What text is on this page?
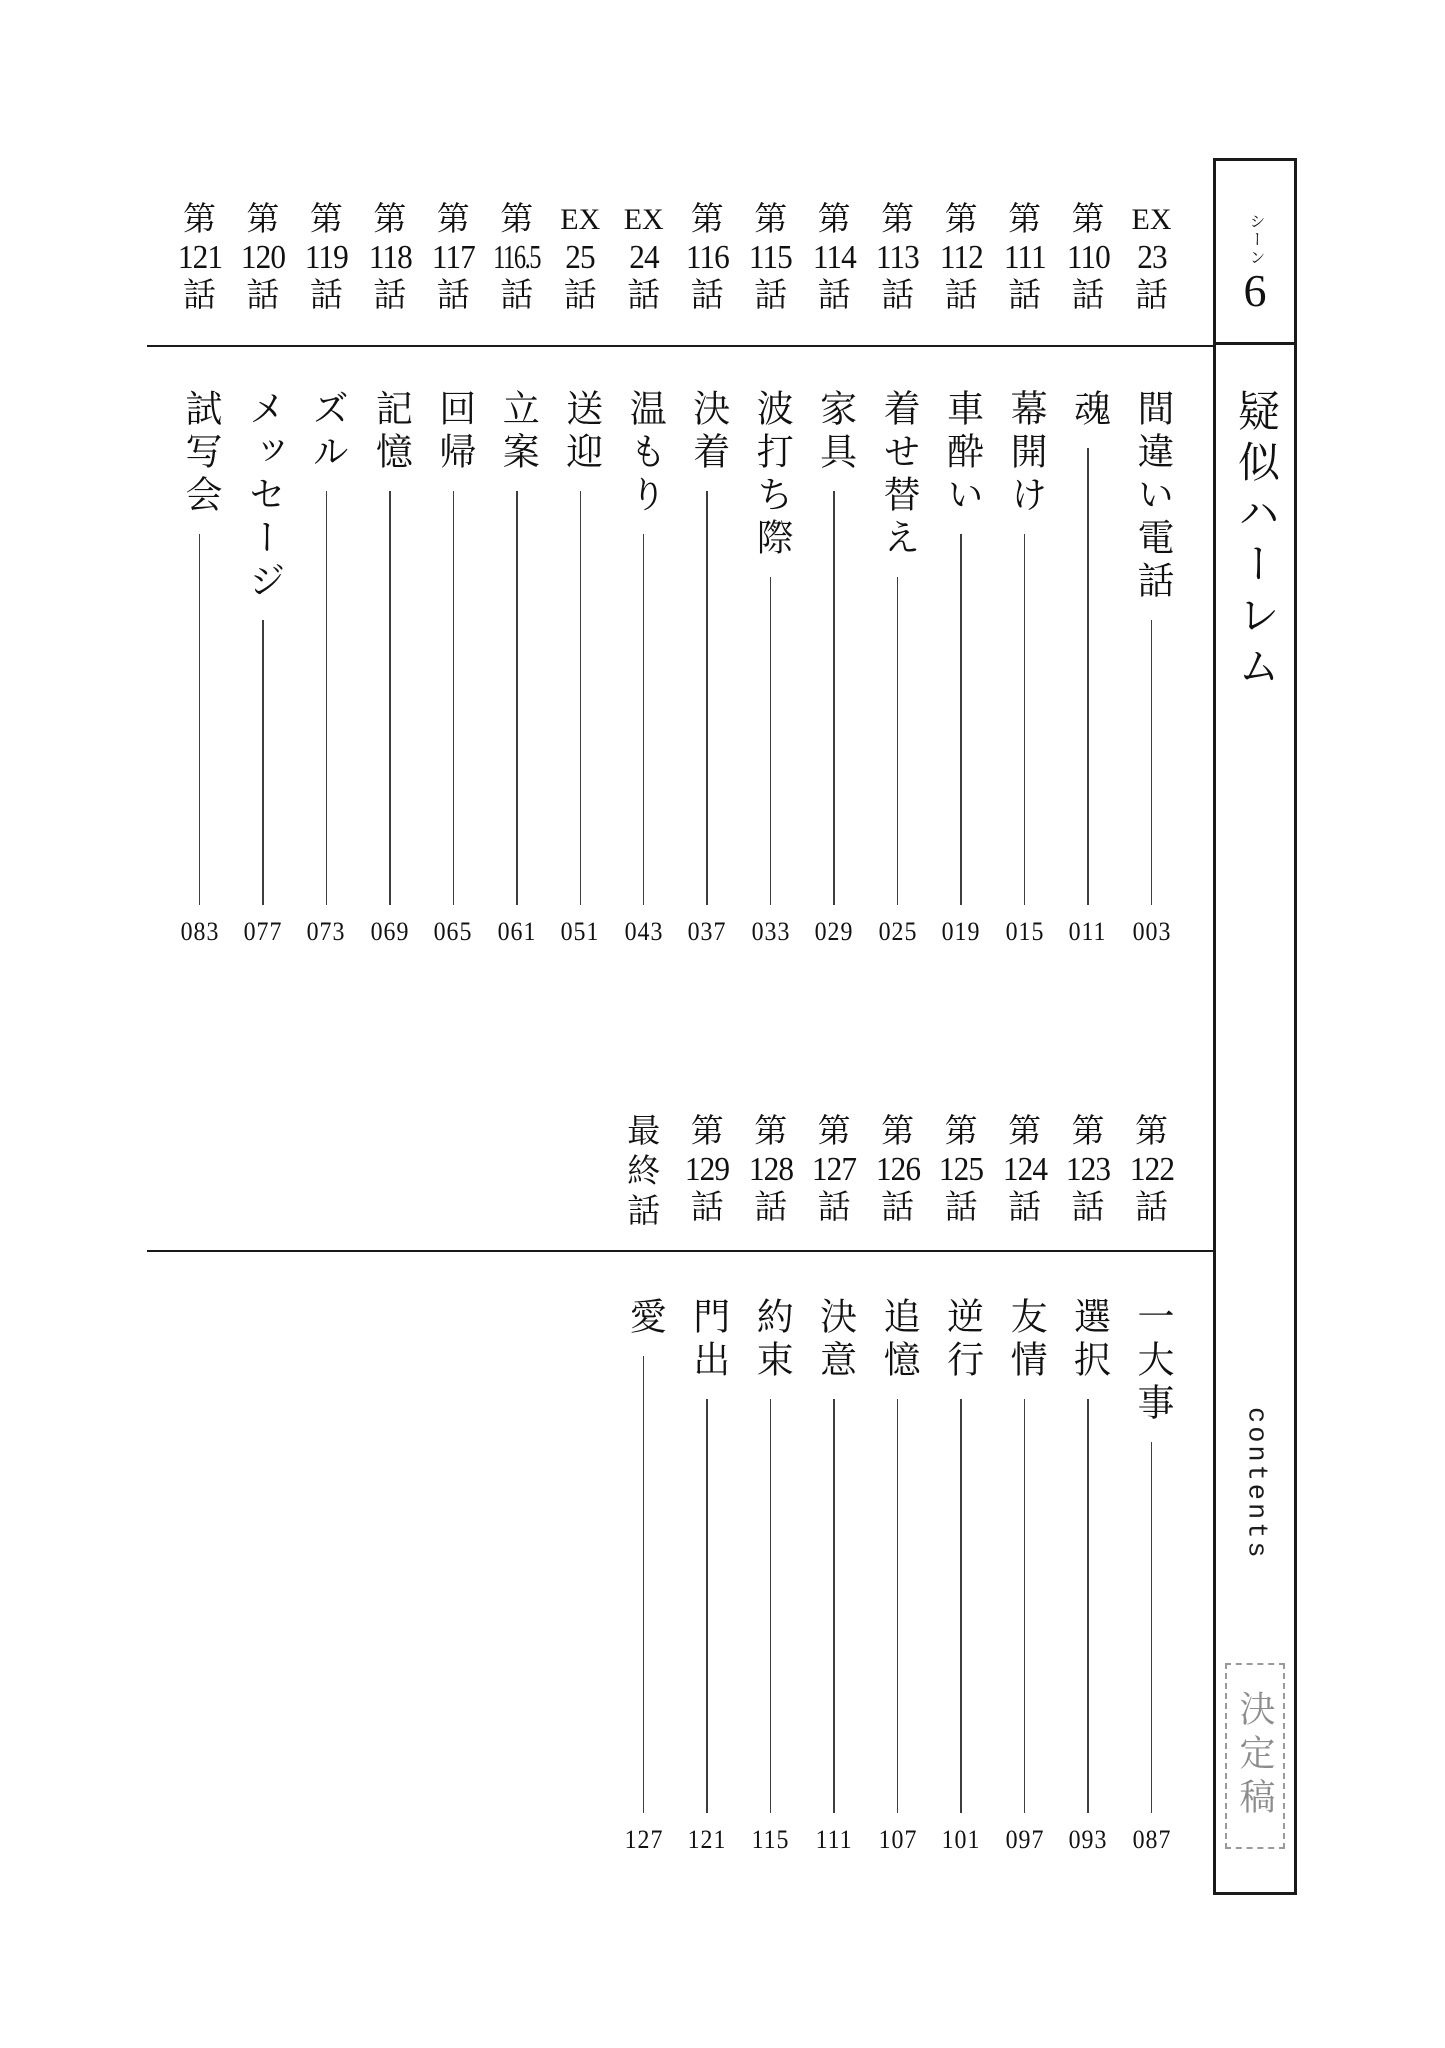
EX
23
話
間違い電話
003
第
110
話
魂
011
第
111
話
幕開け
015
第
112
話
車酔い
019
第
113
話
着せ替え
025
第
114
話
家具
029
第
115
話
波打ち際
033
第
116
話
決着
037
EX
24
話
温もり
043
EX
25
話
送迎
051
第
116.5
話
立案
061
第
117
話
回帰
065
第
118
話
記憶
069
第
119
話
ズル
073
第
120
話
メッセージ
077
第
121
話
試写会
083
第
122
話
一大事
087
第
123
話
選択
093
第
124
話
友情
097
第
125
話
逆行
101
第
126
話
追憶
107
第
127
話
決意
111
第
128
話
約束
115
第
129
話
門出
121
最
終
話
愛
127
シーン
6
疑似ハーレム
contents
決定稿
